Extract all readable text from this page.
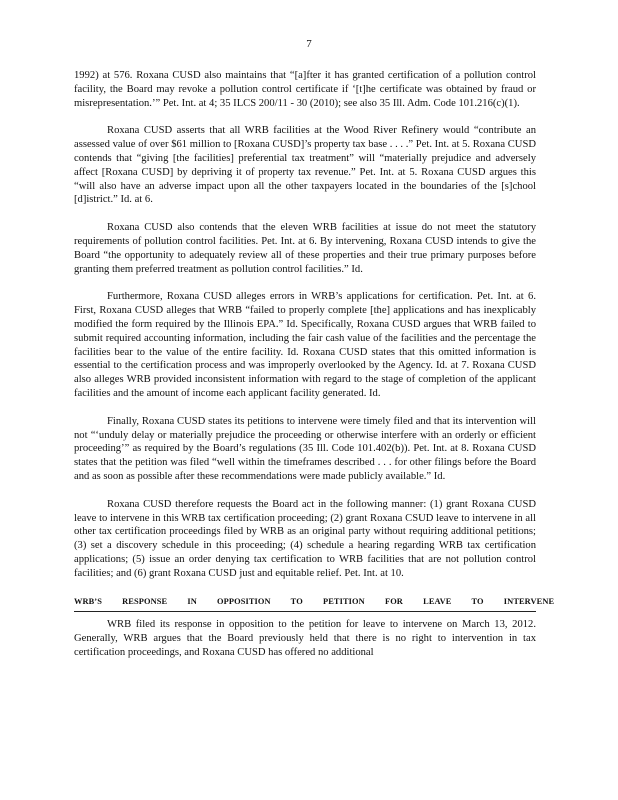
7

1992) at 576. Roxana CUSD also maintains that “[a]fter it has granted certification of a pollution control facility, the Board may revoke a pollution control certificate if ‘[t]he certificate was obtained by fraud or misrepresentation.’” Pet. Int. at 4; 35 ILCS 200/11 - 30 (2010); see also 35 Ill. Adm. Code 101.216(c)(1).

Roxana CUSD asserts that all WRB facilities at the Wood River Refinery would “contribute an assessed value of over $61 million to [Roxana CUSD]’s property tax base . . . .” Pet. Int. at 5. Roxana CUSD contends that “giving [the facilities] preferential tax treatment” will “materially prejudice and adversely affect [Roxana CUSD] by depriving it of property tax revenue.” Pet. Int. at 5. Roxana CUSD argues this “will also have an adverse impact upon all the other taxpayers located in the boundaries of the [s]chool [d]istrict.” Id. at 6.

Roxana CUSD also contends that the eleven WRB facilities at issue do not meet the statutory requirements of pollution control facilities. Pet. Int. at 6. By intervening, Roxana CUSD intends to give the Board “the opportunity to adequately review all of these properties and their true primary purposes before granting them preferred treatment as pollution control facilities.” Id.

Furthermore, Roxana CUSD alleges errors in WRB’s applications for certification. Pet. Int. at 6. First, Roxana CUSD alleges that WRB “failed to properly complete [the] applications and has inexplicably modified the form required by the Illinois EPA.” Id. Specifically, Roxana CUSD argues that WRB failed to submit required accounting information, including the fair cash value of the facilities and the percentage the facilities bear to the value of the entire facility. Id. Roxana CUSD states that this omitted information is essential to the certification process and was improperly overlooked by the Agency. Id. at 7. Roxana CUSD also alleges WRB provided inconsistent information with regard to the stage of completion of the applicant facilities and the amount of income each applicant facility generated. Id.

Finally, Roxana CUSD states its petitions to intervene were timely filed and that its intervention will not “‘unduly delay or materially prejudice the proceeding or otherwise interfere with an orderly or efficient proceeding’” as required by the Board’s regulations (35 Ill. Code 101.402(b)). Pet. Int. at 8. Roxana CUSD states that the petition was filed “well within the timeframes described . . . for other filings before the Board and as soon as possible after these recommendations were made publicly available.” Id.

Roxana CUSD therefore requests the Board act in the following manner: (1) grant Roxana CUSD leave to intervene in this WRB tax certification proceeding; (2) grant Roxana CSUD leave to intervene in all other tax certification proceedings filed by WRB as an original party without requiring additional petitions; (3) set a discovery schedule in this proceeding; (4) schedule a hearing regarding WRB tax certification applications; (5) issue an order denying tax certification to WRB facilities that are not pollution control facilities; and (6) grant Roxana CUSD just and equitable relief. Pet. Int. at 10.

WRB’S RESPONSE IN OPPOSITION TO PETITION FOR LEAVE TO INTERVENE

WRB filed its response in opposition to the petition for leave to intervene on March 13, 2012. Generally, WRB argues that the Board previously held that there is no right to intervention in tax certification proceedings, and Roxana CUSD has offered no additional
